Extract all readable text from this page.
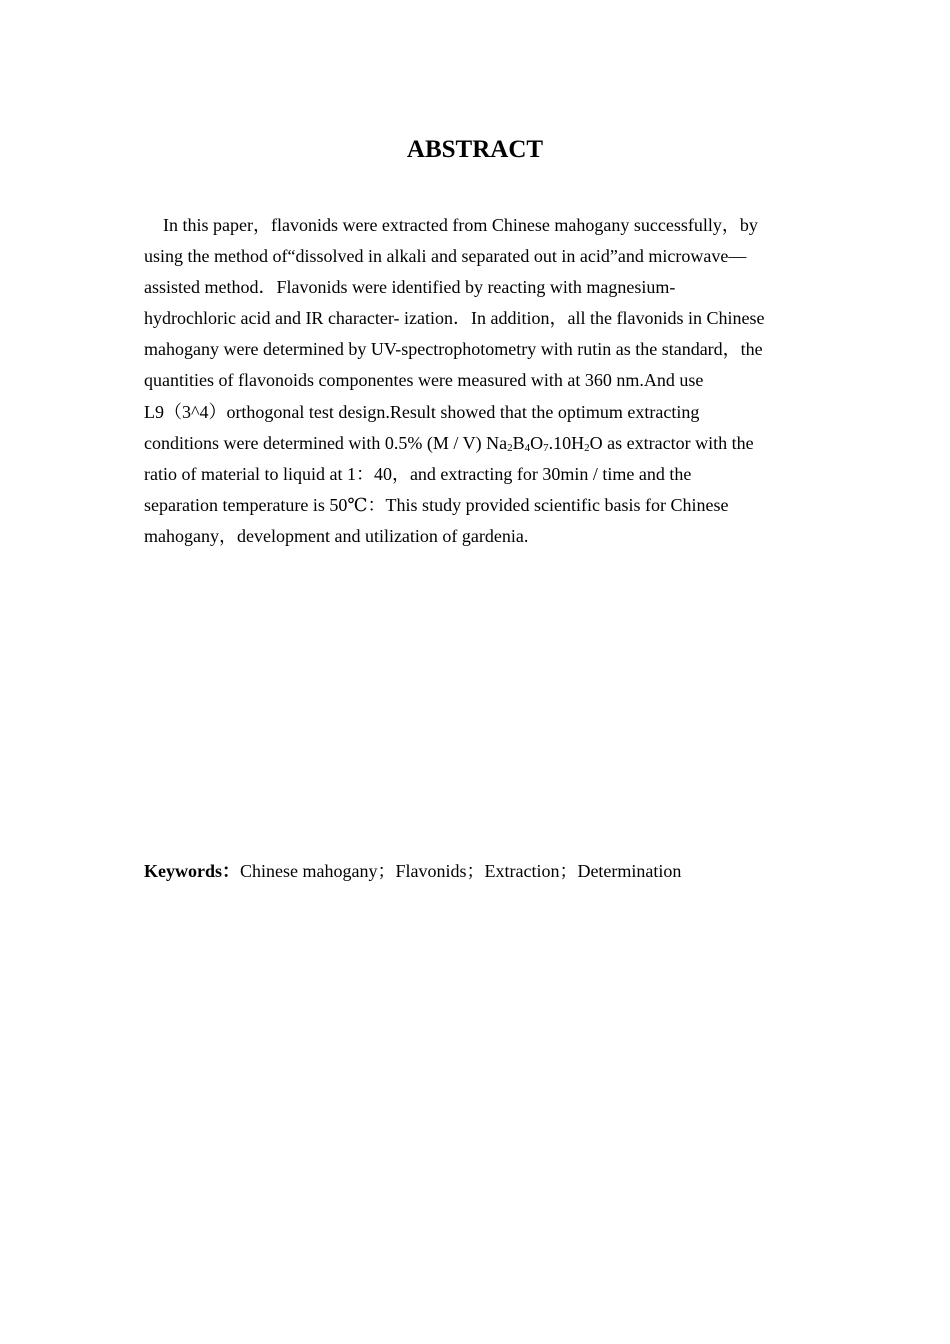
ABSTRACT
In this paper，flavonids were extracted from Chinese mahogany successfully，by
using the method of“dissolved in alkali and separated out in acid”and microwave—
assisted method．Flavonids were identified by reacting with magnesium-
hydrochloric acid and IR character- ization．In addition，all the flavonids in Chinese
mahogany were determined by UV-spectrophotometry with rutin as the standard，the
quantities of flavonoids componentes were measured with at 360 nm.And use
L9（3^4）orthogonal test design.Result showed that the optimum extracting
conditions were determined with 0.5% (M / V) $Na_2B_4O_7.10H_2O$ as extractor with the
ratio of material to liquid at 1：40，and extracting for 30min / time and the
separation temperature is 50℃：This study provided scientific basis for Chinese
mahogany，development and utilization of gardenia.

Keywords：Chinese mahogany；Flavonids；Extraction；Determination
